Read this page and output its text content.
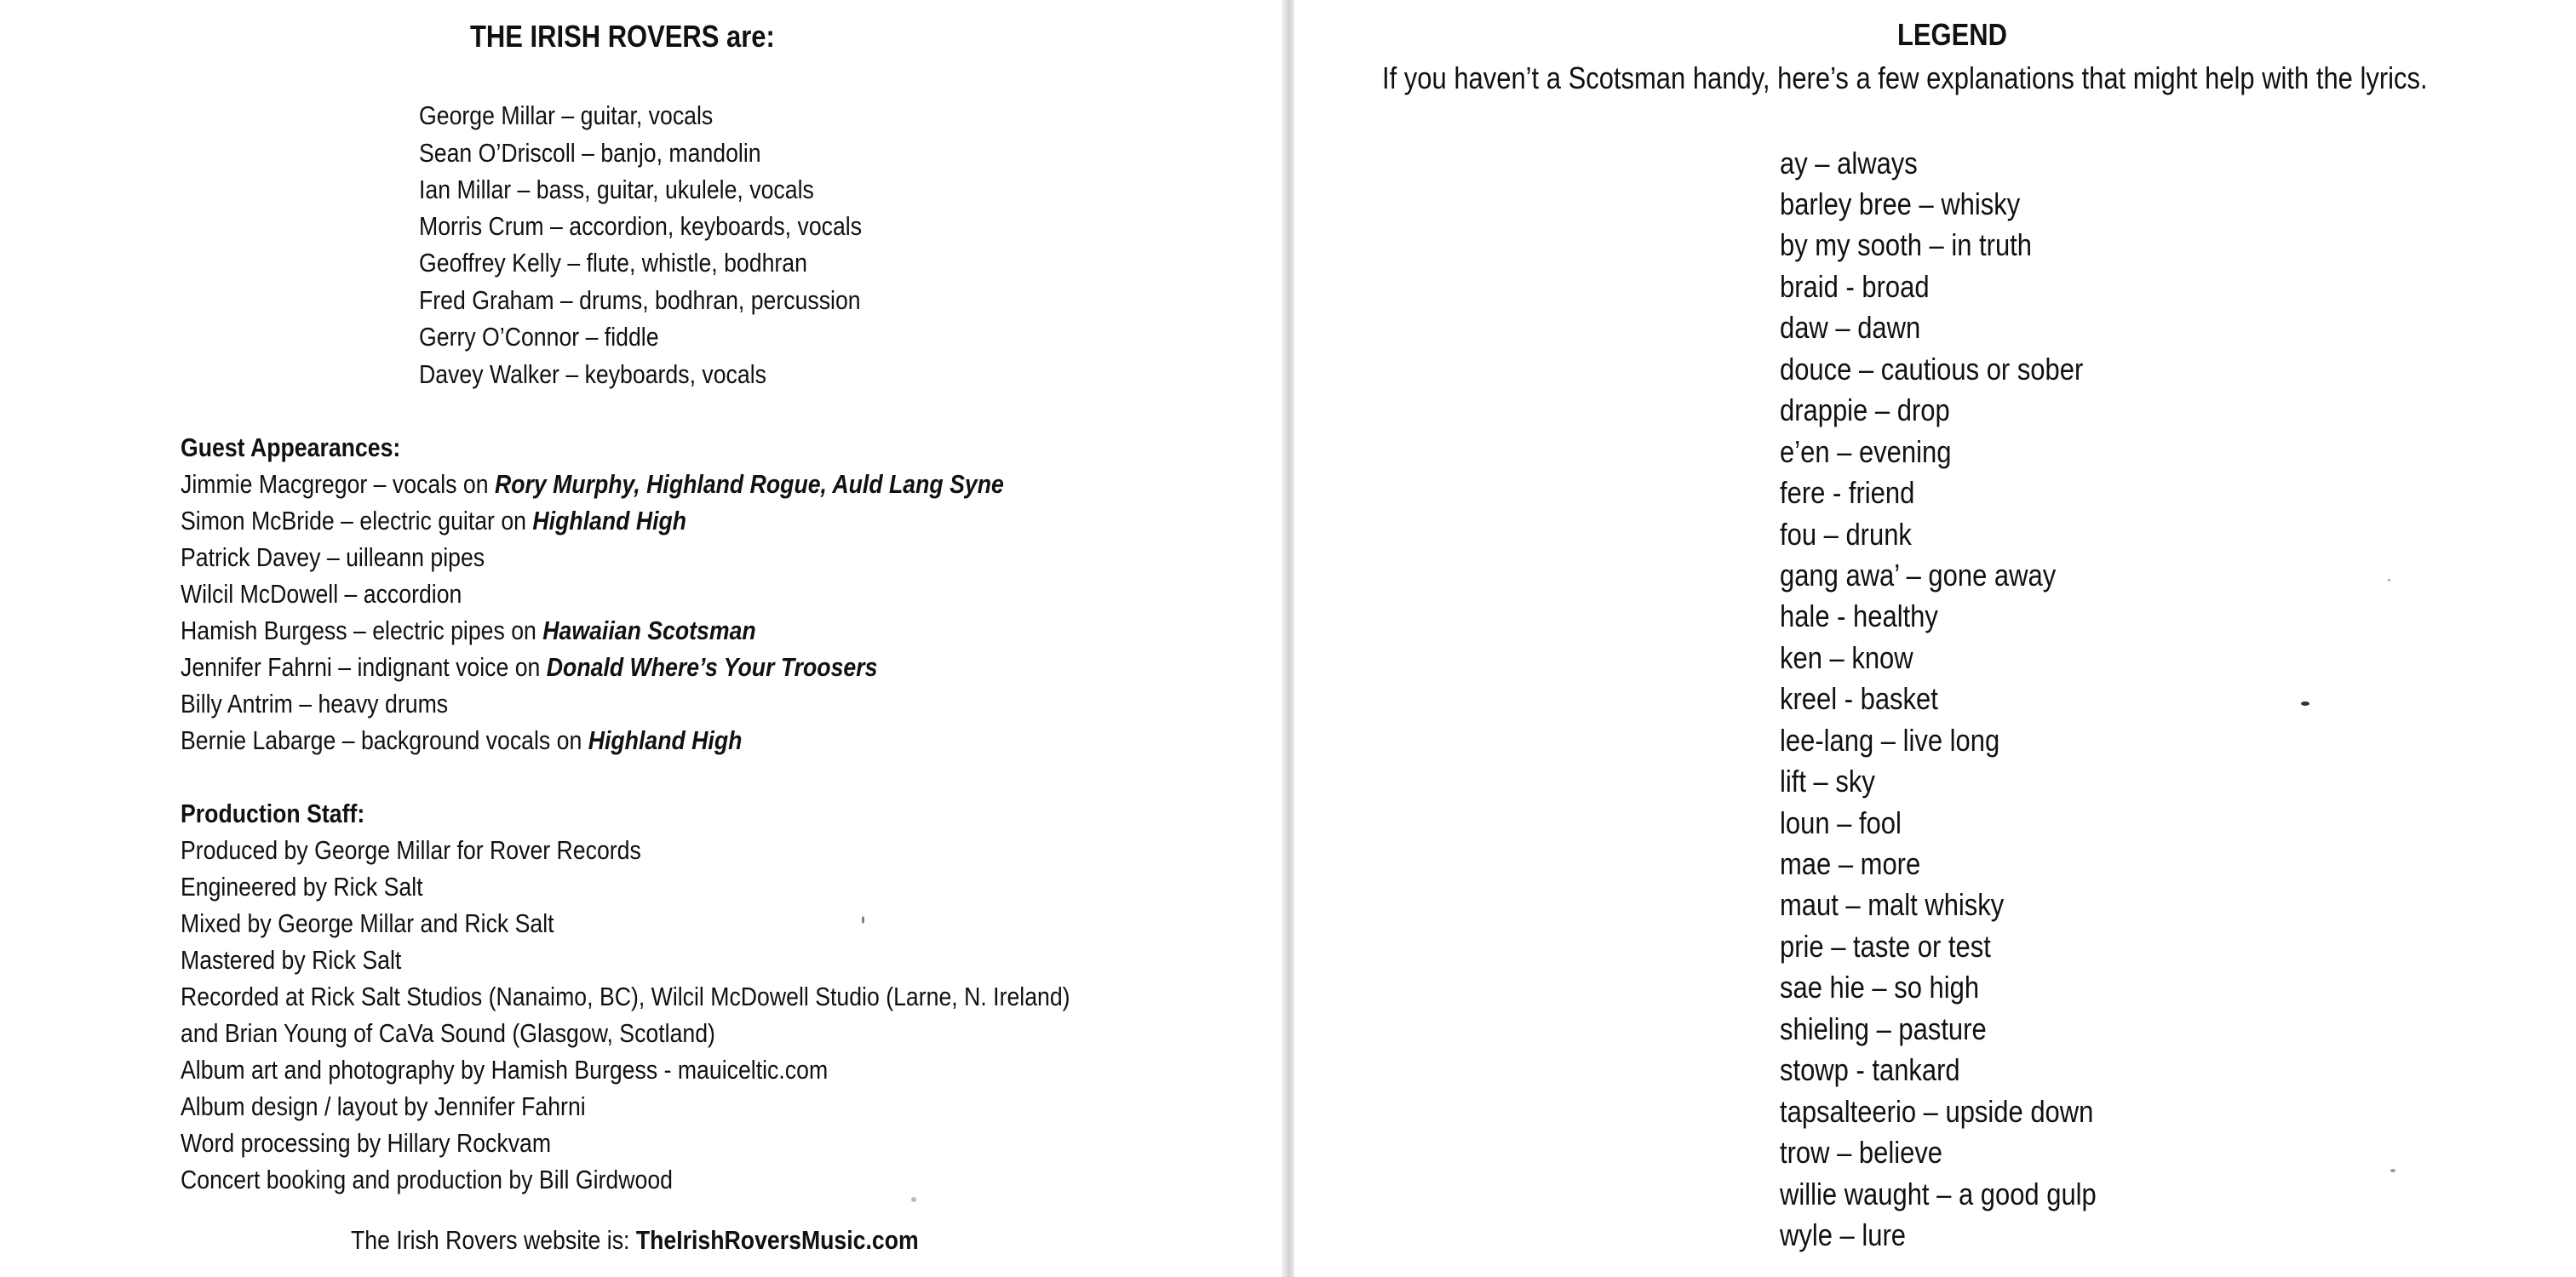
THE IRISH ROVERS are:
George Millar – guitar, vocals
Sean O’Driscoll – banjo, mandolin
Ian Millar – bass, guitar, ukulele, vocals
Morris Crum – accordion, keyboards, vocals
Geoffrey Kelly – flute, whistle, bodhran
Fred Graham – drums, bodhran, percussion
Gerry O’Connor – fiddle
Davey Walker – keyboards, vocals
Guest Appearances:
Jimmie Macgregor – vocals on Rory Murphy, Highland Rogue, Auld Lang Syne
Simon McBride – electric guitar on Highland High
Patrick Davey – uilleann pipes
Wilcil McDowell – accordion
Hamish Burgess – electric pipes on Hawaiian Scotsman
Jennifer Fahrni – indignant voice on Donald Where’s Your Troosers
Billy Antrim – heavy drums
Bernie Labarge – background vocals on Highland High
Production Staff:
Produced by George Millar for Rover Records
Engineered by Rick Salt
Mixed by George Millar and Rick Salt
Mastered by Rick Salt
Recorded at Rick Salt Studios (Nanaimo, BC), Wilcil McDowell Studio (Larne, N. Ireland)
and Brian Young of CaVa Sound (Glasgow, Scotland)
Album art and photography by Hamish Burgess - mauiceltic.com
Album design / layout by Jennifer Fahrni
Word processing by Hillary Rockvam
Concert booking and production by Bill Girdwood
The Irish Rovers website is: TheIrishRoversMusic.com
LEGEND
If you haven’t a Scotsman handy, here’s a few explanations that might help with the lyrics.
ay – always
barley bree – whisky
by my sooth – in truth
braid - broad
daw – dawn
douce – cautious or sober
drappie – drop
e’en – evening
fere - friend
fou – drunk
gang awa’ – gone away
hale - healthy
ken – know
kreel - basket
lee-lang – live long
lift – sky
loun – fool
mae – more
maut – malt whisky
prie – taste or test
sae hie – so high
shieling – pasture
stowp - tankard
tapsalteerio – upside down
trow – believe
willie waught – a good gulp
wyle – lure
